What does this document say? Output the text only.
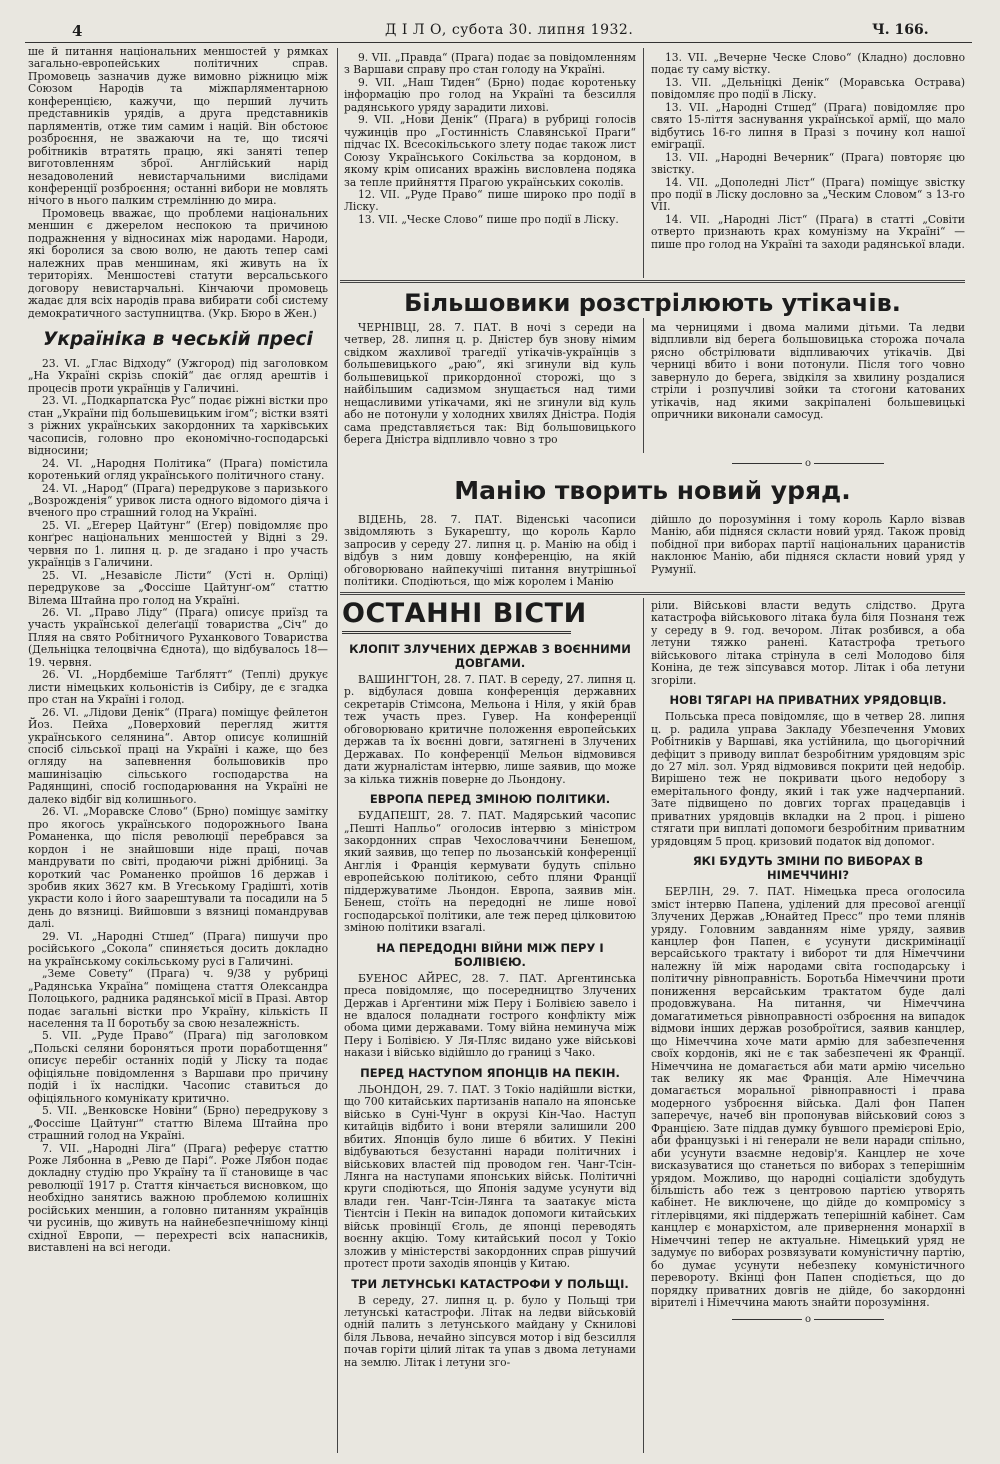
4	Д І Л О, субота 30. липня 1932.	Ч. 166.

ше й питання національних меншостей у рямках загально-европейських політичних справ. Промовець зазначив дуже вимовно ріжницю між Союзом Народів та міжпарляментарною конференцією, кажучи, що перший лучить представників урядів, а друга представників парляментів, отже тим самим і націй. Він обстоює розброєння, не зважаючи на те, що тисячі робітників втратять працю, які заняті тепер виготовленням зброї. Англійський нарід незадоволений невистарчальними вислідами конференції розброєння; останні вибори не мовлять нічого в нього палким стремлінню до мира.

Промовець вважає, що проблеми національних меншин є джерелом неспокою та причиною подражнення у відносинах між народами. Народи, які боролися за свою волю, не дають тепер самі належних прав меншинам, які живуть на їх територіях. Меншостеві статути версальського договору невистарчальні. Кінчаючи промовець жадає для всіх народів права вибирати собі систему демократичного заступництва. (Укр. Бюро в Жен.)

Україніка в чеській пресі

23. VI. „Глас Відходу“ (Ужгород) під заголовком „На Україні скрізь спокій“ дає огляд арештів і процесів проти українців у Галичині.

23. VI. „Подкарпатска Рус“ подає ріжні вістки про стан „України під большевицьким ігом“; вістки взяті з ріжних українських закордонних та харківських часописів, головно про економічно-господарські відносини;

24. VI. „Народня Політика“ (Прага) помістила коротенький огляд українського політичного стану.

24. VI. „Народ“ (Прага) передрукове з паризького „Возрожденія“ уривок листа одного відомого діяча і вченого про страшний голод на Україні.

25. VI. „Егерер Цайтунг“ (Егер) повідомляє про конґрес національних меншостей у Відні з 29. червня по 1. липня ц. р. де згадано і про участь українців з Галичини.

25. VI. „Незавісле Лісти“ (Усті н. Орліці) передрукове за „Фоссіше Цайтунґ-ом“ статтю Вілема Штайна про голод на Україні.

26. VI. „Право Ліду“ (Прага) описує приїзд та участь української делеґації товариства „Січ“ до Пляя на свято Робітничого Руханкового Товариства (Дельніцка телоцвічна Єднота), що відбувалось 18—19. червня.

26. VI. „Нордбеміше Таґблятт“ (Теплі) друкує листи німецьких кольоністів із Сибіру, де є згадка про стан на Україні і голод.

26. VI. „Лідови Денік“ (Прага) поміщує фейлетон Йоз. Пейха „Поверховий перегляд життя українського селянина“. Автор описує колишній спосіб сільської праці на Україні і каже, що без огляду на запевнення большовиків про машинізацію сільського господарства на Радянщині, спосіб господарювання на Україні не далеко відбіг від колишнього.

26. VI. „Моравске Слово“ (Брно) поміщує замітку про якогось українського подорожнього Івана Романенка, що після революції перебрався за кордон і не знайшовши ніде праці, почав мандрувати по світі, продаючи ріжні дрібниці. За короткий час Романенко пройшов 16 держав і зробив яких 3627 км. В Угеському Градішті, хотів украсти коло і його заарештували та посадили на 5 день до вязниці. Вийшовши з вязниці помандрував далі.

29. VI. „Народні Стшед“ (Прага) пишучи про російського „Сокола“ спиняється досить докладно на українському сокільському русі в Галичині.

„Земе Совету“ (Прага) ч. 9/38 у рубриці „Радянська Україна“ поміщена стаття Олександра Полоцького, радника радянської місії в Празі. Автор подає загальні вістки про Україну, кількість II населення та II боротьбу за свою незалежність.

5. VII. „Руде Право“ (Прага) під заголовком „Польскі селяни бороняться проти поработщення“ описує перебіг останніх подій у Ліску та подає офіціяльне повідомлення з Варшави про причину подій і їх наслідки. Часопис ставиться до офіціяльного комунікату критично.

5. VII. „Венковске Новіни“ (Брно) передрукову з „Фоссіше Цайтунґ“ статтю Вілема Штайна про страшний голод на Україні.

7. VII. „Народні Ліга“ (Прага) реферує статтю Роже Лябонна в „Ревю де Парі“. Роже Лябон подає докладну студію про Україну та її становище в час революції 1917 р. Стаття кінчається висновком, що необхідно занятись важною проблемою колишніх російських меншин, а головно питанням українців чи русинів, що живуть на найнебезпечнішому кінці східної Европи, — перехресті всіх напасників, виставлені на всі негоди.

9. VII. „Правда“ (Прага) подає за повідомленням з Варшави справу про стан голоду на Україні.

9. VII. „Наш Тиден“ (Брно) подає коротеньку інформацію про голод на Україні та безсилля радянського уряду зарадити лихові.

9. VII. „Нови Денік“ (Прага) в рубриці голосів чужинців про „Гостинність Славянської Праги“ підчас IX. Всесокільського злету подає також лист Союзу Українського Сокільства за кордоном, в якому крім описаних вражінь висловлена подяка за тепле прийняття Прагою українських соколів.

12. VII. „Руде Право“ пише широко про події в Ліску.

13. VII. „Ческе Слово“ пише про події в Ліску.

13. VII. „Вечерне Ческе Слово“ (Кладно) дословно подає ту саму вістку.

13. VII. „Дельніцкі Денік“ (Моравська Острава) повідомляє про події в Ліску.

13. VII. „Народні Стшед“ (Прага) повідомляє про свято 15-ліття заснування української армії, що мало відбутись 16-го липня в Празі з почину кол нашої еміграції.

13. VII. „Народні Вечерник“ (Прага) повторяє цю звістку.

14. VII. „Дополедні Ліст“ (Прага) поміщує звістку про події в Ліску дословно за „Ческим Словом“ з 13-го VII.

14. VII. „Народні Ліст“ (Прага) в статті „Совіти отверто признають крах комунізму на Україні“ — пише про голод на Україні та заходи радянської влади.

Більшовики розстрілюють утікачів.

ЧЕРНІВЦІ, 28. 7. ПАТ. В ночі з середи на четвер, 28. липня ц. р. Дністер був знову німим свідком жахливої трагедії утікачів-українців з большевицького „раю“, які згинули від куль большевицької прикордонної сторожі, що з найбільшим садизмом знущається над тими нещасливими утікачами, які не згинули від куль або не потонули у холодних хвилях Дністра. Подія сама представляється так: Від большовицького берега Дністра відпливло човно з тро

ма черницями і двома малими дітьми. Та ледви відпливли від берега большовицька сторожа почала рясно обстрілювати відпливаючих утікачів. Дві черниці вбито і вони потонули. Після того човно завернуло до берега, звідкіля за хвилину роздалися стріли і розпучливі зойки та стогони катованих утікачів, над якими закріпалені большевицькі опричники виконали самосуд.

o
Манію творить новий уряд.

ВІДЕНЬ, 28. 7. ПАТ. Віденські часописи звідомляють з Букарешту, що король Карло запросив у середу 27. липня ц. р. Манію на обід і відбув з ним довшу конференцію, на якій обговорювано найпекучіші питання внутрішньої політики. Сподіються, що між королем і Манію

дійшло до порозуміння і тому король Карло візвав Манію, аби підняся скласти новий уряд. Також провід побідної при виборах партії національних царанистів наклонює Манію, аби підняся скласти новий уряд у Румунії.

ОСТАННІ ВІСТИ
КЛОПІТ ЗЛУЧЕНИХ ДЕРЖАВ З ВОЄННИМИ ДОВГАМИ.

ВАШИНГТОН, 28. 7. ПАТ. В середу, 27. липня ц. р. відбулася довша конференція державних секретарів Стімсона, Мельона і Ніля, у якій брав теж участь през. Гувер. На конференції обговорювано критичне положення европейських держав та їх воєнні довги, затягнені в Злучених Державах. По конференції Мельон відмовився дати журналістам інтервю, лише заявив, що може за кілька тижнів поверне до Льондону.

ЕВРОПА ПЕРЕД ЗМІНОЮ ПОЛІТИКИ.

БУДАПЕШТ, 28. 7. ПАТ. Мадярський часопис „Пешті Напльо“ оголосив інтервю з міністром закордонних справ Чехословаччини Бенешом, який заявив, що тепер по льозанській конференції Англія і Франція кермувати будуть спільно европейською політикою, себто пляни Франції піддержуватиме Льондон. Европа, заявив мін. Бенеш, стоїть на передодні не лише нової господарської політики, але теж перед цілковитою зміною політики взагалі.

НА ПЕРЕДОДНІ ВІЙНИ МІЖ ПЕРУ І БОЛІВІЄЮ.

БУЕНОС АЙРЕС, 28. 7. ПАТ. Аргентинська преса повідомляє, що посередництво Злучених Держав і Арґентини між Перу і Болівією завело і не вдалося поладнати гострого конфлікту між обома цими державами. Тому війна неминуча між Перу і Болівією. У Ля-Пляс видано уже військові накази і військо відійшло до границі з Чако.

ПЕРЕД НАСТУПОМ ЯПОНЦІВ НА ПЕКІН.

ЛЬОНДОН, 29. 7. ПАТ. З Токіо надійшли вістки, що 700 китайських партизанів напало на японське військо в Суні-Чунг в окрузі Кін-Чао. Наступ китайців відбито і вони втеряли залишили 200 вбитих. Японців було лише 6 вбитих. У Пекіні відбуваються безустанні наради політичних і військових властей під проводом ген. Чанг-Тсін-Лянга на наступами японських військ. Політичні круги сподіються, що Японія задуме усунути від влади ген. Чанг-Тсін-Лянга та заатакує міста Тієнтсін і Пекін на випадок допомоги китайських військ провінції Єголь, де японці переводять воєнну акцію. Тому китайський посол у Токіо зложив у міністерстві закордонних справ рішучий протест проти заходів японців у Китаю.

ТРИ ЛЕТУНСЬКІ КАТАСТРОФИ У ПОЛЬЩІ.

В середу, 27. липня ц. р. було у Польщі три летунські катастрофи. Літак на ледви військовій одній палить з летунського майдану у Скнилові біля Львова, нечайно зіпсувся мотор і від безсилля почав горіти цілий літак та упав з двома летунами на землю. Літак і летуни зго-

ріли. Військові власти ведуть слідство. Друга катастрофа військового літака була біля Познаня теж у середу в 9. год. вечором. Літак розбився, а оба летуни тяжко ранені. Катастрофа третього військового літака стрінула в селі Молодово біля Коніна, де теж зіпсувався мотор. Літак і оба летуни згоріли.

НОВІ ТЯГАРІ НА ПРИВАТНИХ УРЯДОВЦІВ.

Польська преса повідомляє, що в четвер 28. липня ц. р. радила управа Закладу Убезпечення Умових Робітників у Варшаві, яка устійнила, що цьогорічний дефіцит з приводу виплат безробітним урядовцям зріс до 27 міл. зол. Уряд відмовився покрити цей недобір. Вирішено теж не покривати цього недобору з емерітального фонду, який і так уже надчерпаний. Зате підвищено по довгих торгах працедавців і приватних урядовців вкладки на 2 проц. і рішено стягати при виплаті допомоги безробітним приватним урядовцям 5 проц. кризовий податок від допомог.

ЯКІ БУДУТЬ ЗМІНИ ПО ВИБОРАХ В НІМЕЧЧИНІ?

БЕРЛІН, 29. 7. ПАТ. Німецька преса оголосила зміст інтервю Папена, уділений для пресової агенції Злучених Держав „Юнайтед Пресс“ про теми плянів уряду. Головним завданням німе уряду, заявив канцлер фон Папен, є усунути дискримінації версайського трактату і виборот ти для Німеччини належну їй між народами світа господарську і політичну рівноправність. Боротьба Німеччини проти пониження версайським трактатом буде далі продовжувана. На питання, чи Німеччина домагатиметься рівноправності озброєння на випадок відмови інших держав розоброїтися, заявив канцлер, що Німеччина хоче мати армію для забезпечення своїх кордонів, які не є так забезпечені як Франції. Німеччина не домагається аби мати армію чисельно так велику як має Франція. Але Німеччина домагається моральної рівноправності і права модерного узброєння війська. Далі фон Папен заперечує, начеб він пропонував військовий союз з Францією. Зате піддав думку бувшого премієрові Еріо, аби французькі і ні генерали не вели наради спільно, аби усунути взаємне недовір'я. Канцлер не хоче висказуватися що станеться по виборах з теперішнім урядом. Можливо, що народні соціалісти здобудуть більшість або теж з центровою партією утворять кабінет. Не виключене, що дійде до компромісу з гітлерівцями, які піддержать теперішній кабінет. Сам канцлер є монархістом, але привернення монархії в Німеччині тепер не актуальне. Німецький уряд не задумує по виборах розвязувати комуністичну партію, бо думає усунути небезпеку комуністичного перевороту. Вкінці фон Папен сподіється, що до порядку приватних довгів не дійде, бо закордонні вірителі і Німеччина мають знайти порозуміння.

o
